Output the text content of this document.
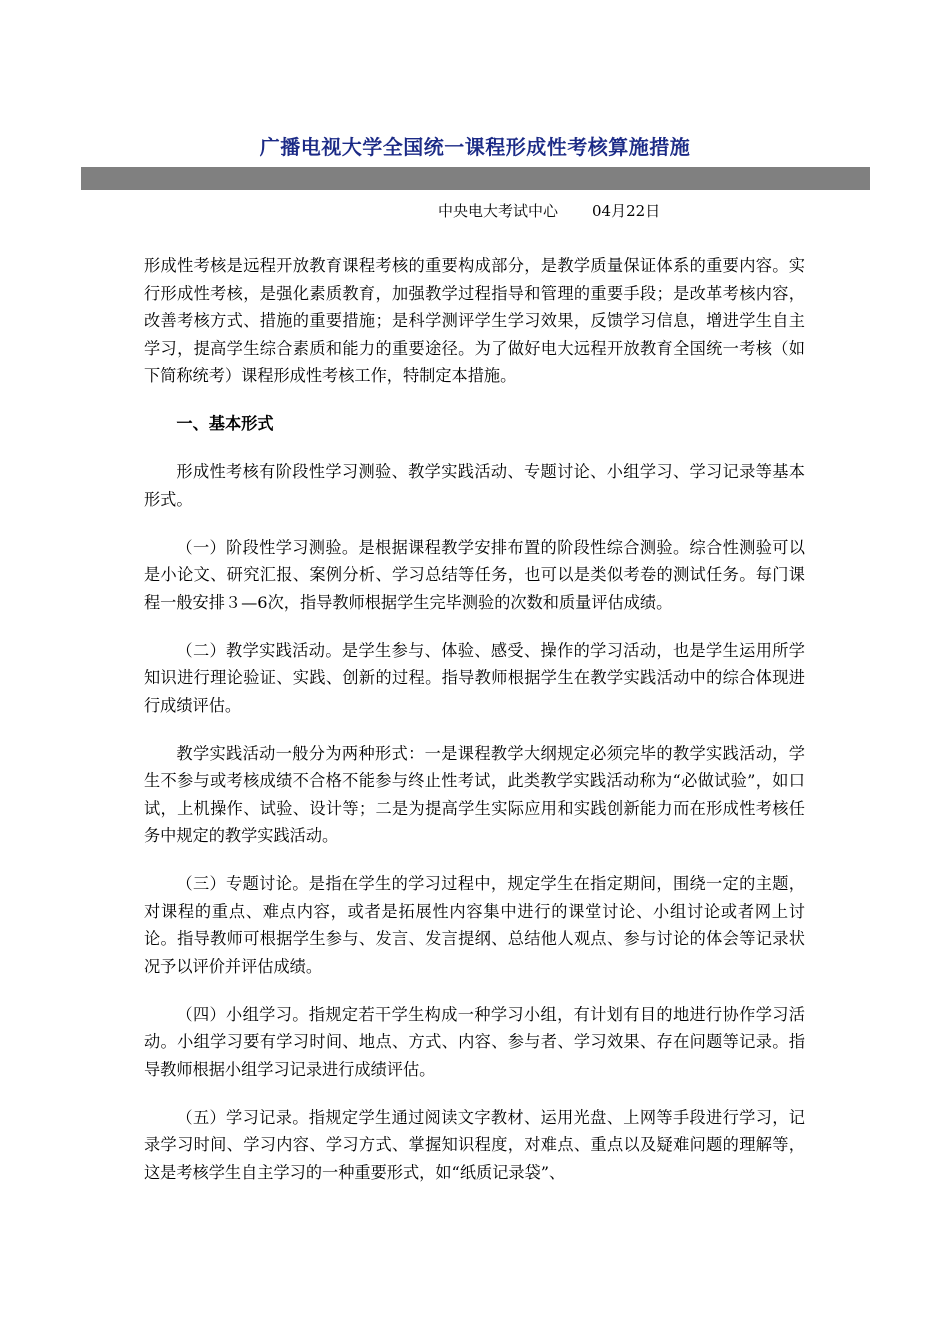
广播电视大学全国统一课程形成性考核算施措施
中央电大考试中心 04月22日

形成性考核是远程开放教育课程考核的重要构成部分，是教学质量保证体系的重要内容。实行形成性考核，是强化素质教育，加强教学过程指导和管理的重要手段；是改革考核内容，改善考核方式、措施的重要措施；是科学测评学生学习效果，反馈学习信息，增进学生自主学习，提高学生综合素质和能力的重要途径。为了做好电大远程开放教育全国统一考核（如下简称统考）课程形成性考核工作，特制定本措施。

一、基本形式

形成性考核有阶段性学习测验、教学实践活动、专题讨论、小组学习、学习记录等基本形式。

（一）阶段性学习测验。是根据课程教学安排布置的阶段性综合测验。综合性测验可以是小论文、研究汇报、案例分析、学习总结等任务，也可以是类似考卷的测试任务。每门课程一般安排３—6次，指导教师根据学生完毕测验的次数和质量评估成绩。

（二）教学实践活动。是学生参与、体验、感受、操作的学习活动，也是学生运用所学知识进行理论验证、实践、创新的过程。指导教师根据学生在教学实践活动中的综合体现进行成绩评估。

教学实践活动一般分为两种形式：一是课程教学大纲规定必须完毕的教学实践活动，学生不参与或考核成绩不合格不能参与终止性考试，此类教学实践活动称为“必做试验”，如口试，上机操作、试验、设计等；二是为提高学生实际应用和实践创新能力而在形成性考核任务中规定的教学实践活动。

（三）专题讨论。是指在学生的学习过程中，规定学生在指定期间，围绕一定的主题，对课程的重点、难点内容，或者是拓展性内容集中进行的课堂讨论、小组讨论或者网上讨论。指导教师可根据学生参与、发言、发言提纲、总结他人观点、参与讨论的体会等记录状况予以评价并评估成绩。

（四）小组学习。指规定若干学生构成一种学习小组，有计划有目的地进行协作学习活动。小组学习要有学习时间、地点、方式、内容、参与者、学习效果、存在问题等记录。指导教师根据小组学习记录进行成绩评估。

（五）学习记录。指规定学生通过阅读文字教材、运用光盘、上网等手段进行学习，记录学习时间、学习内容、学习方式、掌握知识程度，对难点、重点以及疑难问题的理解等，这是考核学生自主学习的一种重要形式，如“纸质记录袋”、
